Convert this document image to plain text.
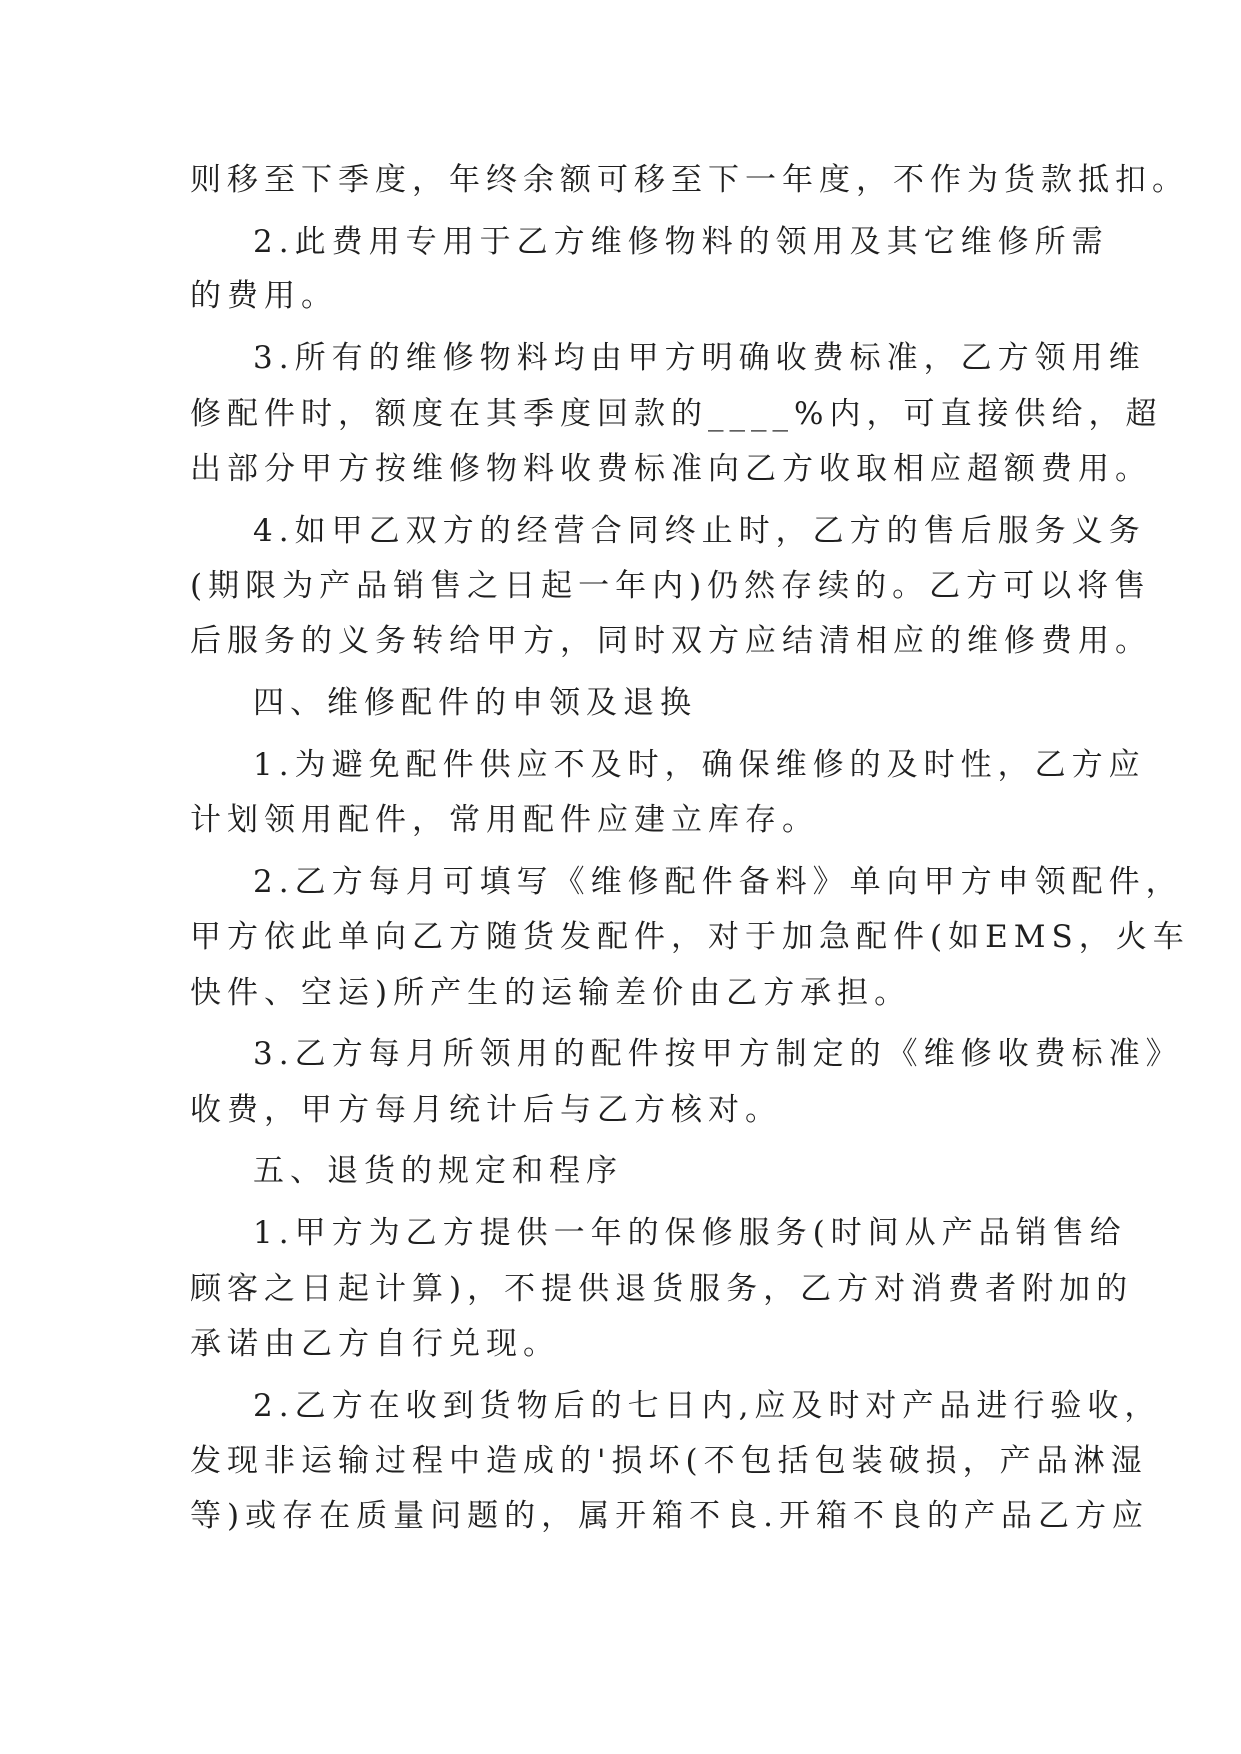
则移至下季度，年终余额可移至下一年度，不作为货款抵扣。

2.此费用专用于乙方维修物料的领用及其它维修所需

的费用。

3.所有的维修物料均由甲方明确收费标准，乙方领用维

修配件时，额度在其季度回款的____%内，可直接供给，超

出部分甲方按维修物料收费标准向乙方收取相应超额费用。

4.如甲乙双方的经营合同终止时，乙方的售后服务义务

(期限为产品销售之日起一年内)仍然存续的。乙方可以将售

后服务的义务转给甲方，同时双方应结清相应的维修费用。

四、维修配件的申领及退换

1.为避免配件供应不及时，确保维修的及时性，乙方应

计划领用配件，常用配件应建立库存。

2.乙方每月可填写《维修配件备料》单向甲方申领配件，

甲方依此单向乙方随货发配件，对于加急配件(如EMS，火车

快件、空运)所产生的运输差价由乙方承担。

3.乙方每月所领用的配件按甲方制定的《维修收费标准》

收费，甲方每月统计后与乙方核对。

五、退货的规定和程序

1.甲方为乙方提供一年的保修服务(时间从产品销售给

顾客之日起计算)，不提供退货服务，乙方对消费者附加的

承诺由乙方自行兑现。

2.乙方在收到货物后的七日内,应及时对产品进行验收，

发现非运输过程中造成的'损坏(不包括包装破损，产品淋湿

等)或存在质量问题的，属开箱不良.开箱不良的产品乙方应
